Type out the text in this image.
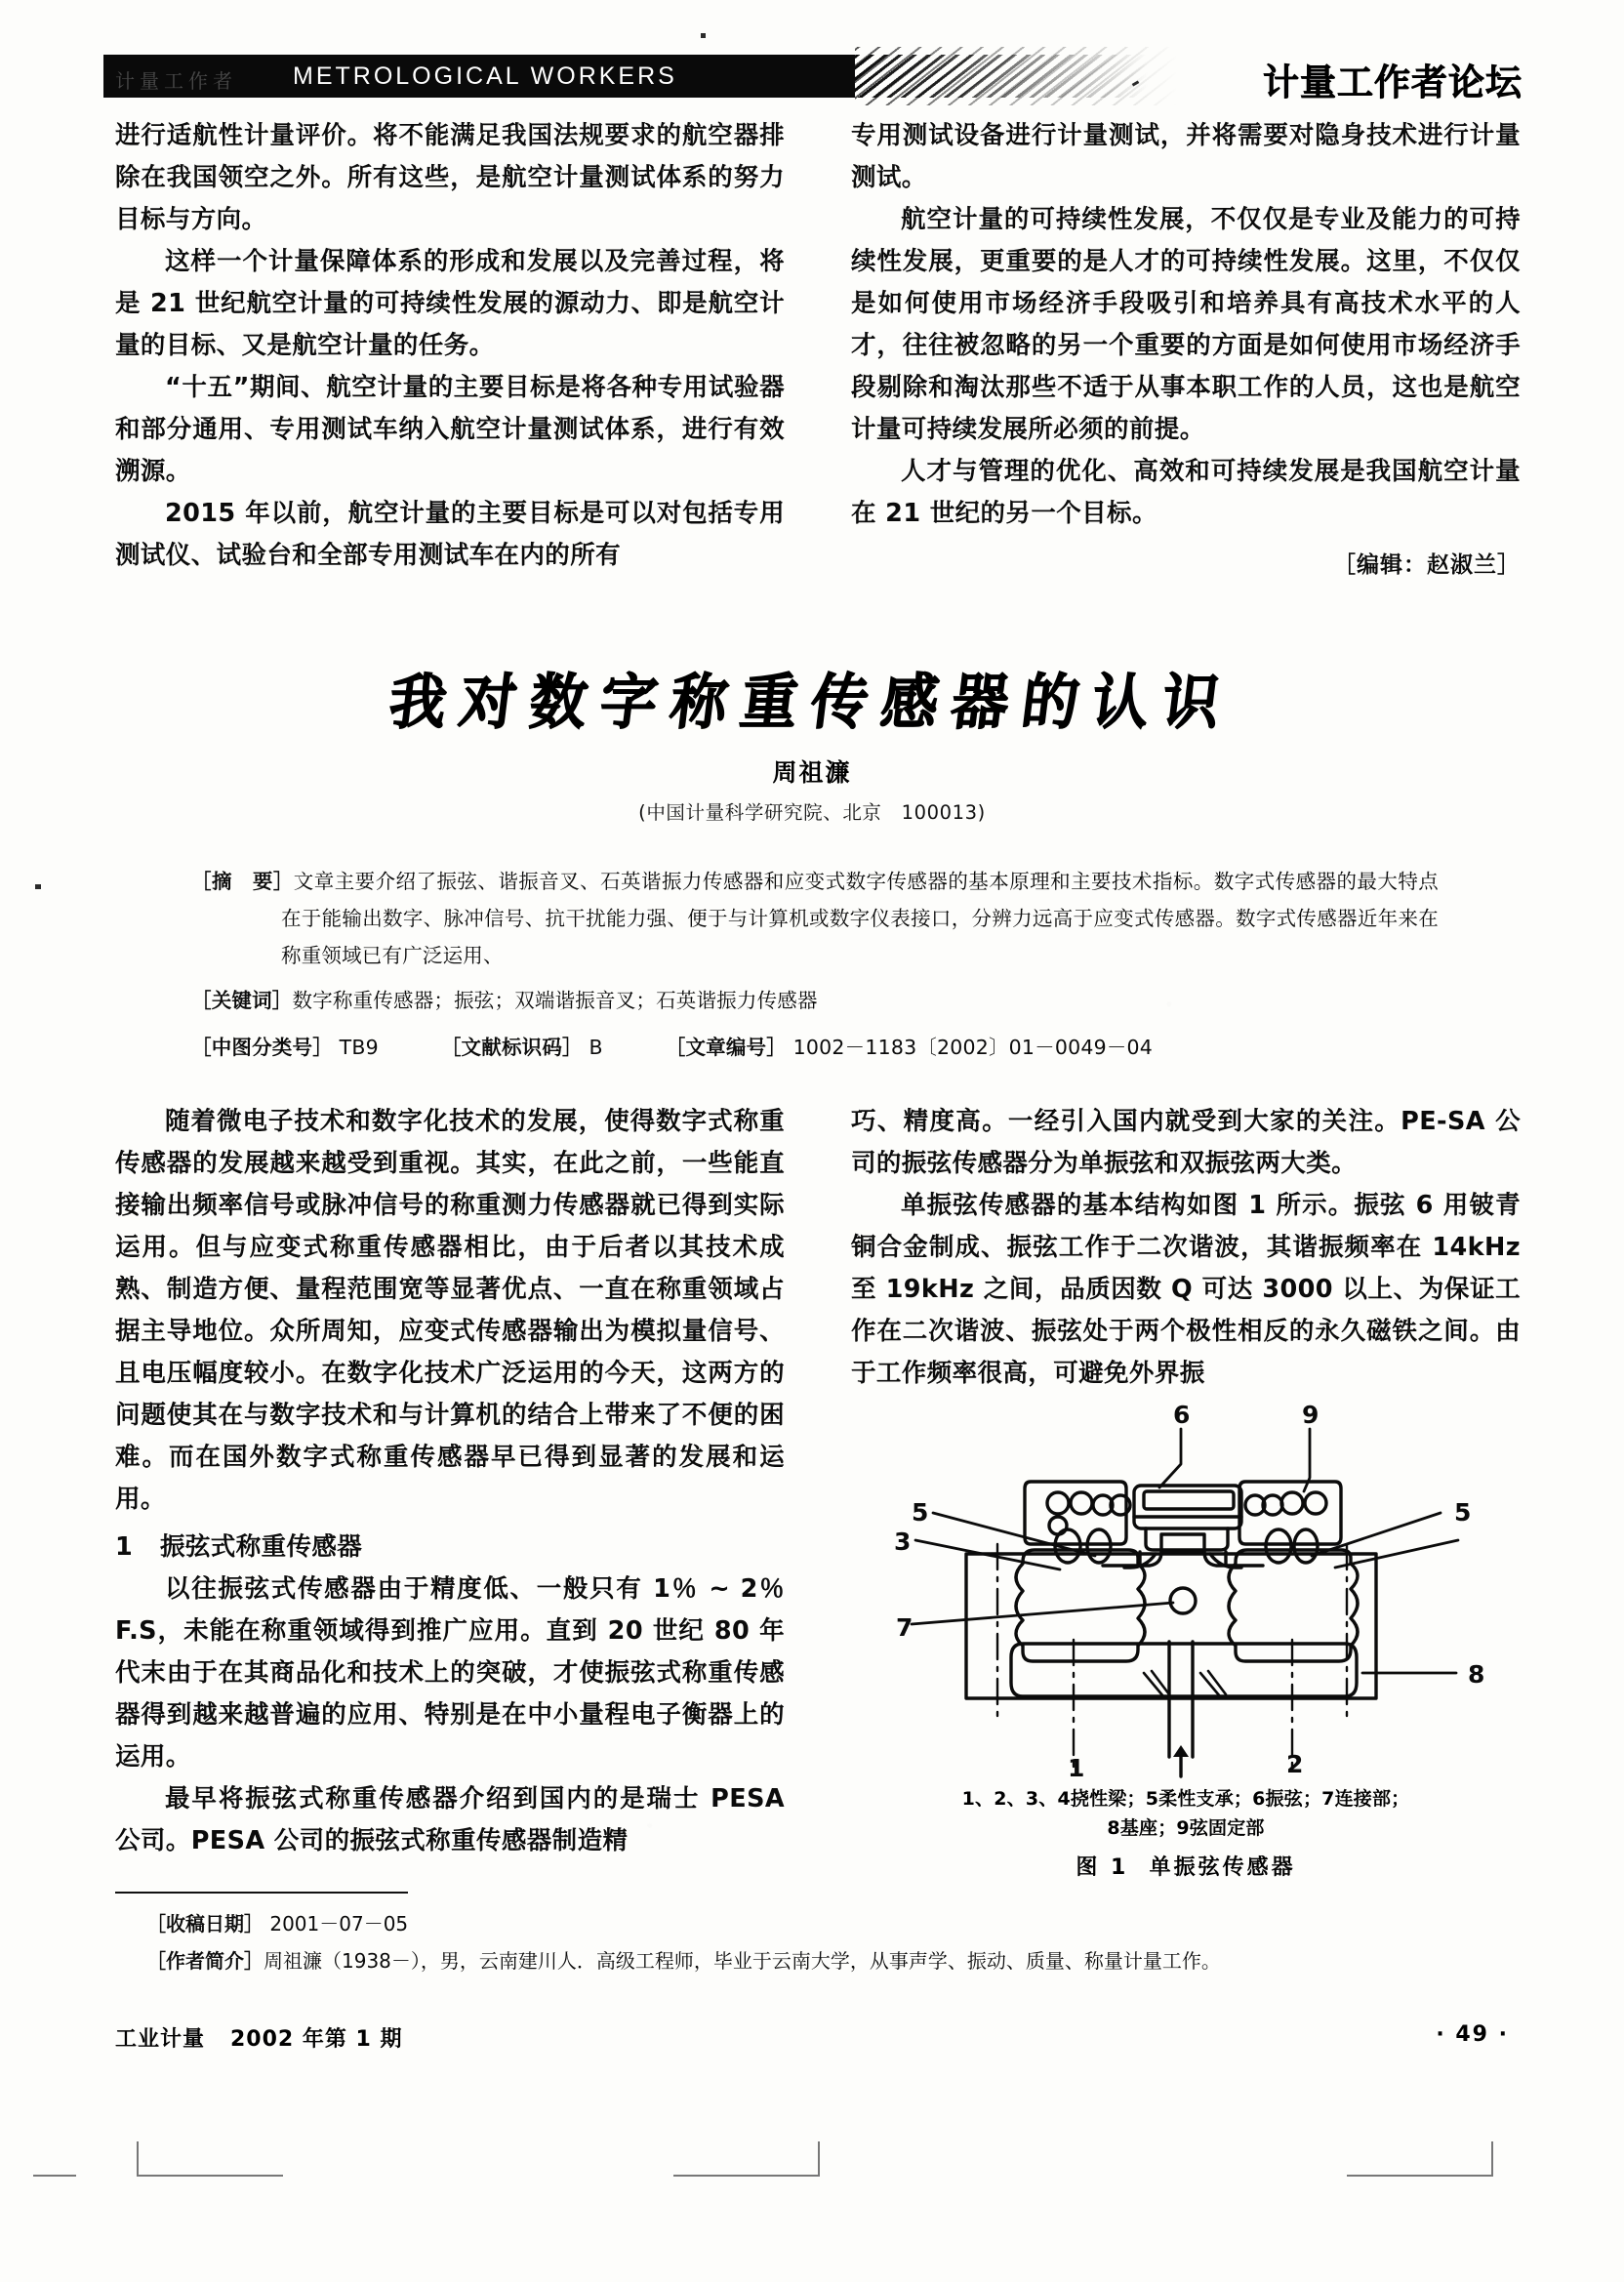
计量工作者 METROLOGICAL WORKERS	计量工作者论坛

进行适航性计量评价。将不能满足我国法规要求的航空器排除在我国领空之外。所有这些，是航空计量测试体系的努力目标与方向。

这样一个计量保障体系的形成和发展以及完善过程，将是 21 世纪航空计量的可持续性发展的源动力、即是航空计量的目标、又是航空计量的任务。

“十五”期间、航空计量的主要目标是将各种专用试验器和部分通用、专用测试车纳入航空计量测试体系，进行有效溯源。

2015 年以前，航空计量的主要目标是可以对包括专用测试仪、试验台和全部专用测试车在内的所有

专用测试设备进行计量测试，并将需要对隐身技术进行计量测试。

航空计量的可持续性发展，不仅仅是专业及能力的可持续性发展，更重要的是人才的可持续性发展。这里，不仅仅是如何使用市场经济手段吸引和培养具有高技术水平的人才，往往被忽略的另一个重要的方面是如何使用市场经济手段剔除和淘汰那些不适于从事本职工作的人员，这也是航空计量可持续发展所必须的前提。

人才与管理的优化、高效和可持续发展是我国航空计量在 21 世纪的另一个目标。

［编辑：赵淑兰］
我对数字称重传感器的认识
周祖濂
(中国计量科学研究院、北京　100013)
［摘　要］文章主要介绍了振弦、谐振音叉、石英谐振力传感器和应变式数字传感器的基本原理和主要技术指标。数字式传感器的最大特点在于能输出数字、脉冲信号、抗干扰能力强、便于与计算机或数字仪表接口，分辨力远高于应变式传感器。数字式传感器近年来在称重领域已有广泛运用、
［关键词］数字称重传感器；振弦；双端谐振音叉；石英谐振力传感器
［中图分类号］ TB9	［文献标识码］ B	［文章编号］ 1002－1183〔2002〕01－0049－04

随着微电子技术和数字化技术的发展，使得数字式称重传感器的发展越来越受到重视。其实，在此之前，一些能直接输出频率信号或脉冲信号的称重测力传感器就已得到实际运用。但与应变式称重传感器相比，由于后者以其技术成熟、制造方便、量程范围宽等显著优点、一直在称重领域占据主导地位。众所周知，应变式传感器输出为模拟量信号、且电压幅度较小。在数字化技术广泛运用的今天，这两方的问题使其在与数字技术和与计算机的结合上带来了不便的困难。而在国外数字式称重传感器早已得到显著的发展和运用。

1 振弦式称重传感器

以往振弦式传感器由于精度低、一般只有 1％ ~ 2％ F.S，未能在称重领域得到推广应用。直到 20 世纪 80 年代末由于在其商品化和技术上的突破，才使振弦式称重传感器得到越来越普遍的应用、特别是在中小量程电子衡器上的运用。

最早将振弦式称重传感器介绍到国内的是瑞士 PESA 公司。PESA 公司的振弦式称重传感器制造精

巧、精度高。一经引入国内就受到大家的关注。PE-SA 公司的振弦传感器分为单振弦和双振弦两大类。

单振弦传感器的基本结构如图 1 所示。振弦 6 用铍青铜合金制成、振弦工作于二次谐波，其谐振频率在 14kHz 至 19kHz 之间，品质因数 Q 可达 3000 以上、为保证工作在二次谐波、振弦处于两个极性相反的永久磁铁之间。由于工作频率很高，可避免外界振

6	9
5
3
5
7
8
1	2
1、2、3、4挠性梁；5柔性支承；6振弦；7连接部；
8基座；9弦固定部
图 1 单振弦传感器
［收稿日期］ 2001－07－05
［作者简介］周祖濂（1938－），男，云南建川人．高级工程师，毕业于云南大学，从事声学、振动、质量、称量计量工作。
工业计量 2002 年第 1 期	· 49 ·
